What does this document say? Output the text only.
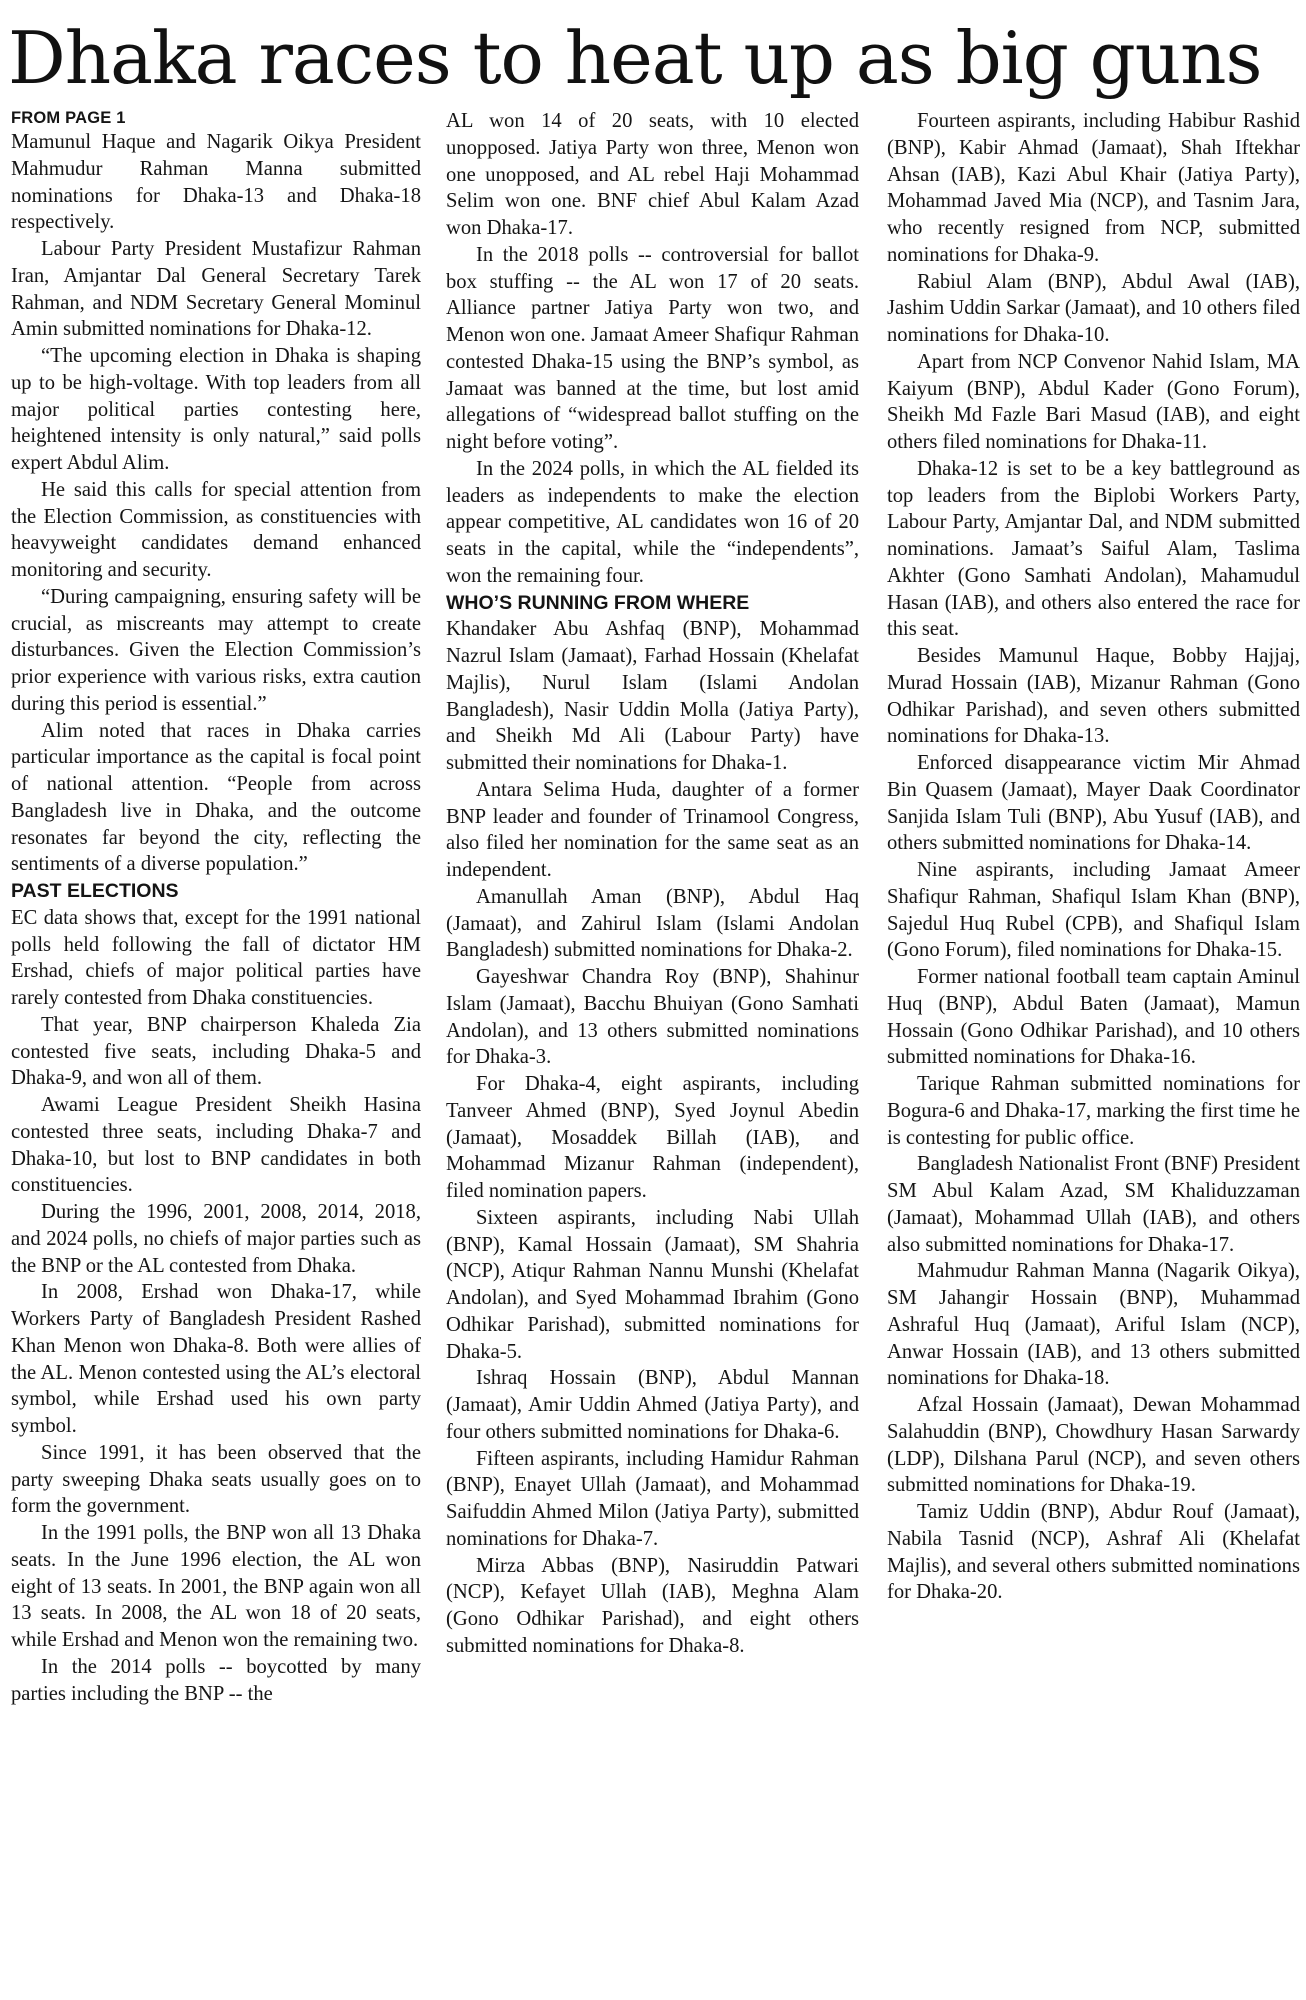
Dhaka races to heat up as big guns
FROM PAGE 1

Mamunul Haque and Nagarik Oikya President Mahmudur Rahman Manna submitted nominations for Dhaka-13 and Dhaka-18 respectively.

Labour Party President Mustafizur Rahman Iran, Amjantar Dal General Secretary Tarek Rahman, and NDM Secretary General Mominul Amin submitted nominations for Dhaka-12.

“The upcoming election in Dhaka is shaping up to be high-voltage. With top leaders from all major political parties contesting here, heightened intensity is only natural,” said polls expert Abdul Alim.

He said this calls for special attention from the Election Commission, as constituencies with heavyweight candidates demand enhanced monitoring and security.

“During campaigning, ensuring safety will be crucial, as miscreants may attempt to create disturbances. Given the Election Commission’s prior experience with various risks, extra caution during this period is essential.”

Alim noted that races in Dhaka carries particular importance as the capital is focal point of national attention. “People from across Bangladesh live in Dhaka, and the outcome resonates far beyond the city, reflecting the sentiments of a diverse population.”

PAST ELECTIONS

EC data shows that, except for the 1991 national polls held following the fall of dictator HM Ershad, chiefs of major political parties have rarely contested from Dhaka constituencies.

That year, BNP chairperson Khaleda Zia contested five seats, including Dhaka-5 and Dhaka-9, and won all of them.

Awami League President Sheikh Hasina contested three seats, including Dhaka-7 and Dhaka-10, but lost to BNP candidates in both constituencies.

During the 1996, 2001, 2008, 2014, 2018, and 2024 polls, no chiefs of major parties such as the BNP or the AL contested from Dhaka.

In 2008, Ershad won Dhaka-17, while Workers Party of Bangladesh President Rashed Khan Menon won Dhaka-8. Both were allies of the AL. Menon contested using the AL’s electoral symbol, while Ershad used his own party symbol.

Since 1991, it has been observed that the party sweeping Dhaka seats usually goes on to form the government.

In the 1991 polls, the BNP won all 13 Dhaka seats. In the June 1996 election, the AL won eight of 13 seats. In 2001, the BNP again won all 13 seats. In 2008, the AL won 18 of 20 seats, while Ershad and Menon won the remaining two.

In the 2014 polls -- boycotted by many parties including the BNP -- the

AL won 14 of 20 seats, with 10 elected unopposed. Jatiya Party won three, Menon won one unopposed, and AL rebel Haji Mohammad Selim won one. BNF chief Abul Kalam Azad won Dhaka-17.

In the 2018 polls -- controversial for ballot box stuffing -- the AL won 17 of 20 seats. Alliance partner Jatiya Party won two, and Menon won one. Jamaat Ameer Shafiqur Rahman contested Dhaka-15 using the BNP’s symbol, as Jamaat was banned at the time, but lost amid allegations of “widespread ballot stuffing on the night before voting”.

In the 2024 polls, in which the AL fielded its leaders as independents to make the election appear competitive, AL candidates won 16 of 20 seats in the capital, while the “independents”, won the remaining four.

WHO’S RUNNING FROM WHERE

Khandaker Abu Ashfaq (BNP), Mohammad Nazrul Islam (Jamaat), Farhad Hossain (Khelafat Majlis), Nurul Islam (Islami Andolan Bangladesh), Nasir Uddin Molla (Jatiya Party), and Sheikh Md Ali (Labour Party) have submitted their nominations for Dhaka-1.

Antara Selima Huda, daughter of a former BNP leader and founder of Trinamool Congress, also filed her nomination for the same seat as an independent.

Amanullah Aman (BNP), Abdul Haq (Jamaat), and Zahirul Islam (Islami Andolan Bangladesh) submitted nominations for Dhaka-2.

Gayeshwar Chandra Roy (BNP), Shahinur Islam (Jamaat), Bacchu Bhuiyan (Gono Samhati Andolan), and 13 others submitted nominations for Dhaka-3.

For Dhaka-4, eight aspirants, including Tanveer Ahmed (BNP), Syed Joynul Abedin (Jamaat), Mosaddek Billah (IAB), and Mohammad Mizanur Rahman (independent), filed nomination papers.

Sixteen aspirants, including Nabi Ullah (BNP), Kamal Hossain (Jamaat), SM Shahria (NCP), Atiqur Rahman Nannu Munshi (Khelafat Andolan), and Syed Mohammad Ibrahim (Gono Odhikar Parishad), submitted nominations for Dhaka-5.

Ishraq Hossain (BNP), Abdul Mannan (Jamaat), Amir Uddin Ahmed (Jatiya Party), and four others submitted nominations for Dhaka-6.

Fifteen aspirants, including Hamidur Rahman (BNP), Enayet Ullah (Jamaat), and Mohammad Saifuddin Ahmed Milon (Jatiya Party), submitted nominations for Dhaka-7.

Mirza Abbas (BNP), Nasiruddin Patwari (NCP), Kefayet Ullah (IAB), Meghna Alam (Gono Odhikar Parishad), and eight others submitted nominations for Dhaka-8.

Fourteen aspirants, including Habibur Rashid (BNP), Kabir Ahmad (Jamaat), Shah Iftekhar Ahsan (IAB), Kazi Abul Khair (Jatiya Party), Mohammad Javed Mia (NCP), and Tasnim Jara, who recently resigned from NCP, submitted nominations for Dhaka-9.

Rabiul Alam (BNP), Abdul Awal (IAB), Jashim Uddin Sarkar (Jamaat), and 10 others filed nominations for Dhaka-10.

Apart from NCP Convenor Nahid Islam, MA Kaiyum (BNP), Abdul Kader (Gono Forum), Sheikh Md Fazle Bari Masud (IAB), and eight others filed nominations for Dhaka-11.

Dhaka-12 is set to be a key battleground as top leaders from the Biplobi Workers Party, Labour Party, Amjantar Dal, and NDM submitted nominations. Jamaat’s Saiful Alam, Taslima Akhter (Gono Samhati Andolan), Mahamudul Hasan (IAB), and others also entered the race for this seat.

Besides Mamunul Haque, Bobby Hajjaj, Murad Hossain (IAB), Mizanur Rahman (Gono Odhikar Parishad), and seven others submitted nominations for Dhaka-13.

Enforced disappearance victim Mir Ahmad Bin Quasem (Jamaat), Mayer Daak Coordinator Sanjida Islam Tuli (BNP), Abu Yusuf (IAB), and others submitted nominations for Dhaka-14.

Nine aspirants, including Jamaat Ameer Shafiqur Rahman, Shafiqul Islam Khan (BNP), Sajedul Huq Rubel (CPB), and Shafiqul Islam (Gono Forum), filed nominations for Dhaka-15.

Former national football team captain Aminul Huq (BNP), Abdul Baten (Jamaat), Mamun Hossain (Gono Odhikar Parishad), and 10 others submitted nominations for Dhaka-16.

Tarique Rahman submitted nominations for Bogura-6 and Dhaka-17, marking the first time he is contesting for public office.

Bangladesh Nationalist Front (BNF) President SM Abul Kalam Azad, SM Khaliduzzaman (Jamaat), Mohammad Ullah (IAB), and others also submitted nominations for Dhaka-17.

Mahmudur Rahman Manna (Nagarik Oikya), SM Jahangir Hossain (BNP), Muhammad Ashraful Huq (Jamaat), Ariful Islam (NCP), Anwar Hossain (IAB), and 13 others submitted nominations for Dhaka-18.

Afzal Hossain (Jamaat), Dewan Mohammad Salahuddin (BNP), Chowdhury Hasan Sarwardy (LDP), Dilshana Parul (NCP), and seven others submitted nominations for Dhaka-19.

Tamiz Uddin (BNP), Abdur Rouf (Jamaat), Nabila Tasnid (NCP), Ashraf Ali (Khelafat Majlis), and several others submitted nominations for Dhaka-20.
